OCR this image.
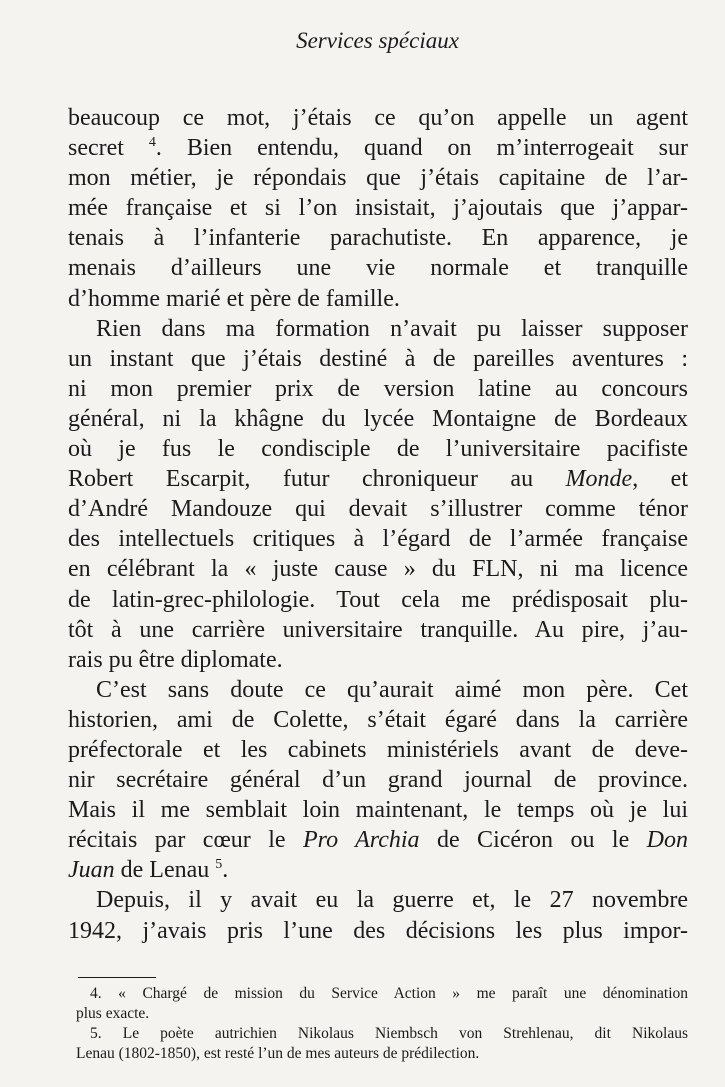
Services spéciaux
beaucoup ce mot, j’étais ce qu’on appelle un agent
secret $^4$. Bien entendu, quand on m’interrogeait sur
mon métier, je répondais que j’étais capitaine de l’ar-
mée française et si l’on insistait, j’ajoutais que j’appar-
tenais à l’infanterie parachutiste. En apparence, je
menais d’ailleurs une vie normale et tranquille
d’homme marié et père de famille.
Rien dans ma formation n’avait pu laisser supposer
un instant que j’étais destiné à de pareilles aventures :
ni mon premier prix de version latine au concours
général, ni la khâgne du lycée Montaigne de Bordeaux
où je fus le condisciple de l’universitaire pacifiste
Robert Escarpit, futur chroniqueur au Monde, et
d’André Mandouze qui devait s’illustrer comme ténor
des intellectuels critiques à l’égard de l’armée française
en célébrant la « juste cause » du FLN, ni ma licence
de latin-grec-philologie. Tout cela me prédisposait plu-
tôt à une carrière universitaire tranquille. Au pire, j’au-
rais pu être diplomate.
C’est sans doute ce qu’aurait aimé mon père. Cet
historien, ami de Colette, s’était égaré dans la carrière
préfectorale et les cabinets ministériels avant de deve-
nir secrétaire général d’un grand journal de province.
Mais il me semblait loin maintenant, le temps où je lui
récitais par cœur le Pro Archia de Cicéron ou le Don
Juan de Lenau $^5$.
Depuis, il y avait eu la guerre et, le 27 novembre
1942, j’avais pris l’une des décisions les plus impor-
4. « Chargé de mission du Service Action » me paraît une dénomination
plus exacte.
5. Le poète autrichien Nikolaus Niembsch von Strehlenau, dit Nikolaus
Lenau (1802-1850), est resté l’un de mes auteurs de prédilection.
